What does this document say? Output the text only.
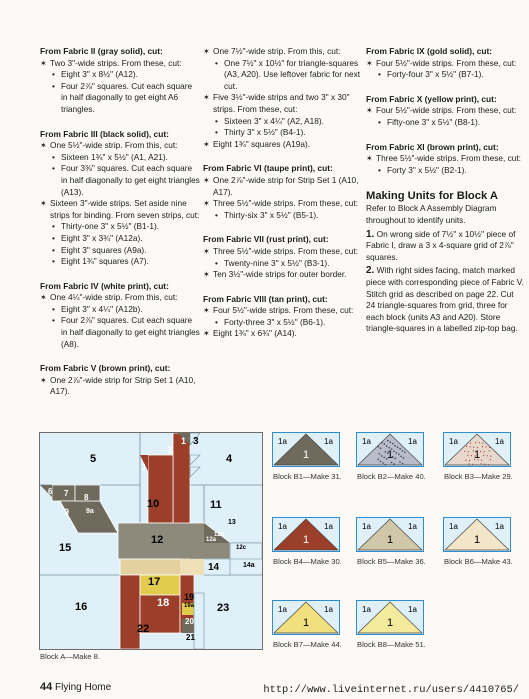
From Fabric II (gray solid), cut:
✶ Two 3"-wide strips. From these, cut:
• Eight 3" x 8½" (A12).
• Four 2⅞" squares. Cut each square in half diagonally to get eight A6 triangles.
From Fabric III (black solid), cut:
✶ One 5½"-wide strip. From this, cut:
• Sixteen 1¾" x 5½" (A1, A21).
• Four 3⅜" squares. Cut each square in half diagonally to get eight triangles (A13).
✶ Sixteen 3"-wide strips. Set aside nine strips for binding. From seven strips, cut:
• Thirty-one 3" x 5½" (B1-1).
• Eight 3" x 3¾" (A12a).
• Eight 3" squares (A9a).
• Eight 1¾" squares (A7).
From Fabric IV (white print), cut:
✶ One 4¼"-wide strip. From this, cut:
• Eight 3" x 4¼" (A12b).
• Four 2⅞" squares. Cut each square in half diagonally to get eight triangles (A8).
From Fabric V (brown print), cut:
✶ One 2⅞"-wide strip for Strip Set 1 (A10, A17).
✶ One 7½"-wide strip. From this, cut:
• One 7½" x 10½" for triangle-squares (A3, A20). Use leftover fabric for next cut.
✶ Five 3½"-wide strips and two 3" x 30" strips. From these, cut:
• Sixteen 3" x 4¼" (A2, A18).
• Thirty 3" x 5½" (B4-1).
✶ Eight 1¾" squares (A19a).
From Fabric VI (taupe print), cut:
✶ One 2⅞"-wide strip for Strip Set 1 (A10, A17).
✶ Three 5½"-wide strips. From these, cut:
• Thirty-six 3" x 5½" (B5-1).
From Fabric VII (rust print), cut:
✶ Three 5½"-wide strips. From these, cut:
• Twenty-nine 3" x 5½" (B3-1).
✶ Ten 3½"-wide strips for outer border.
From Fabric VIII (tan print), cut:
✶ Four 5½"-wide strips. From these, cut:
• Forty-three 3" x 5½" (B6-1).
✶ Eight 1¾" x 6¾" (A14).
From Fabric IX (gold solid), cut:
✶ Four 5½"-wide strips. From these, cut:
• Forty-four 3" x 5½" (B7-1).
From Fabric X (yellow print), cut:
✶ Four 5½"-wide strips. From these, cut:
• Fifty-one 3" x 5½" (B8-1).
From Fabric XI (brown print), cut:
✶ Three 5½"-wide strips. From these, cut:
• Forty 3" x 5½" (B2-1).
Making Units for Block A
Refer to Block A Assembly Diagram throughout to identify units.
1. On wrong side of 7½" x 10½" piece of Fabric I, draw a 3 x 4-square grid of 2⅞" squares.
2. With right sides facing, match marked piece with corresponding piece of Fabric V. Stitch grid as described on page 22. Cut 24 triangle-squares from grid, three for each block (units A3 and A20). Store triangle-squares in a labelled zip-top bag.
1
1
2
3
4
5
6 7 8
9 9a
10	11
12	12a
12b
12c
13
14	14a
15
16
17
18 19
19a
20
21
22
23
Block A—Make 8.
1a	1a
1
Block B1—Make 31.
1a	1a
1
Block B2—Make 40.
1a	1a
1
Block B3—Make 29.
1a	1a
1
Block B4—Make 30.
1a	1a
1
Block B5—Make 36.
1a	1a
1
Block B6—Make 43.
1a	1a
1
Block B7—Make 44.
1a	1a
1
Block B8—Make 51.
44 Flying Home	http://www.liveinternet.ru/users/4410765/
